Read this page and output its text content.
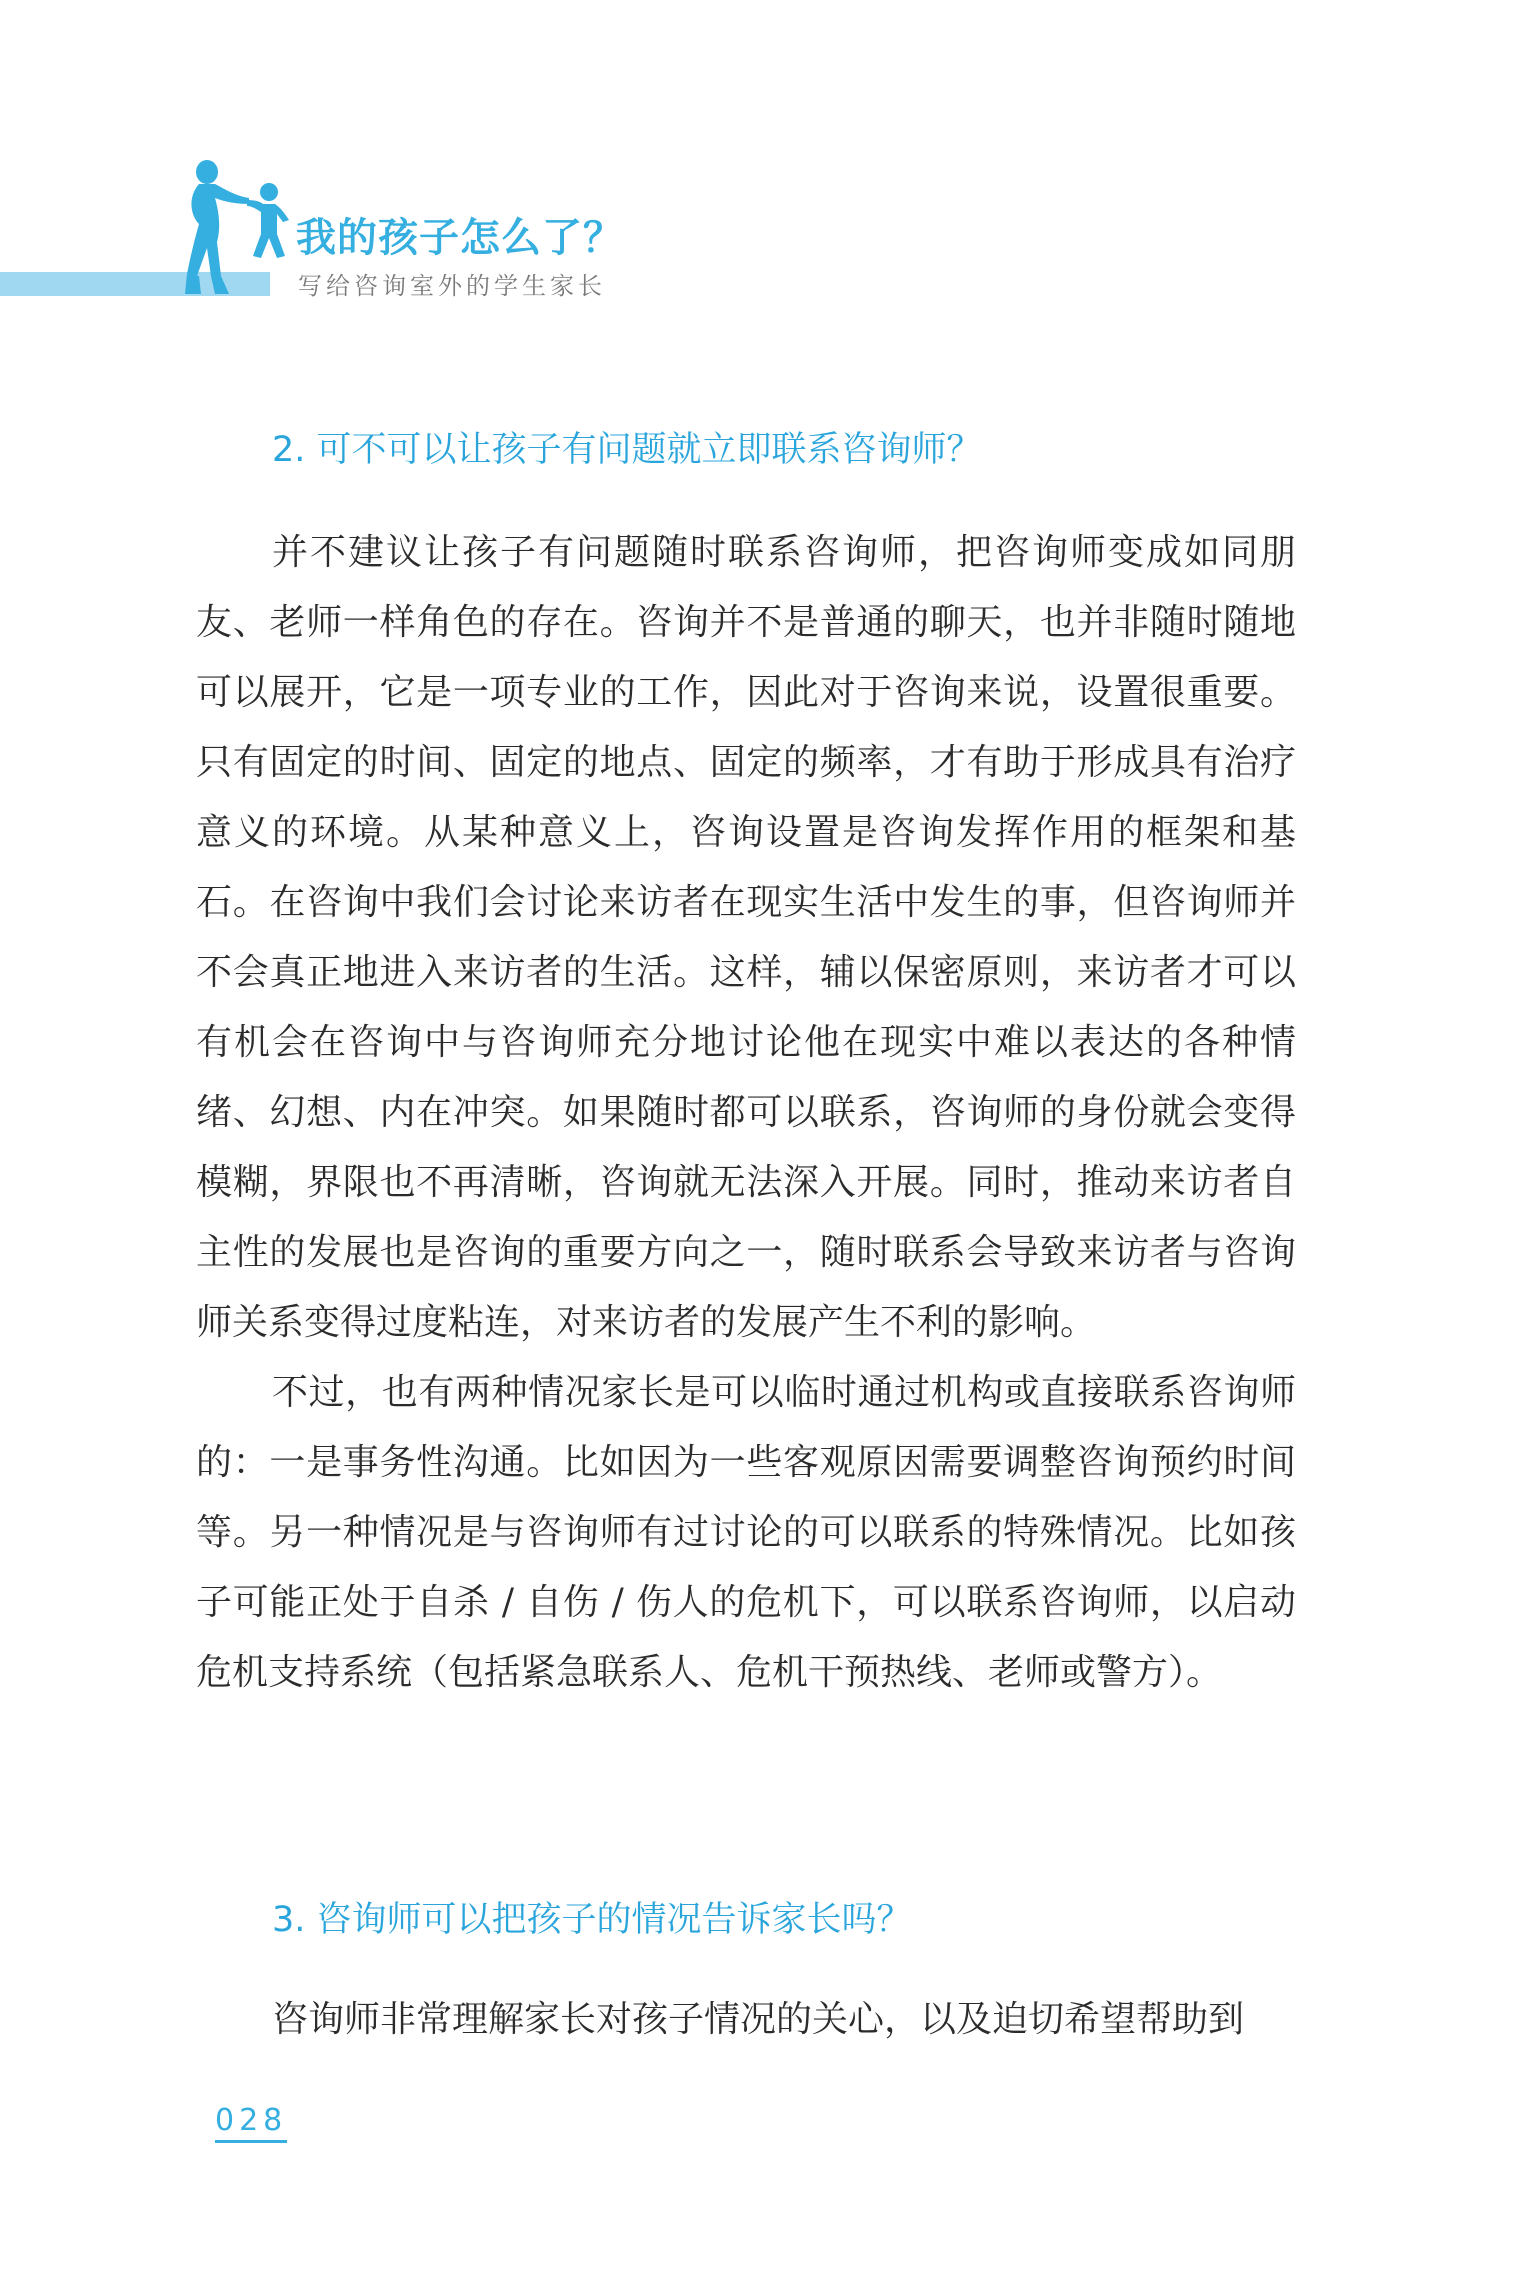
我的孩子怎么了？
写给咨询室外的学生家长
2. 可不可以让孩子有问题就立即联系咨询师？

并不建议让孩子有问题随时联系咨询师，把咨询师变成如同朋友、老师一样角色的存在。咨询并不是普通的聊天，也并非随时随地可以展开，它是一项专业的工作，因此对于咨询来说，设置很重要。只有固定的时间、固定的地点、固定的频率，才有助于形成具有治疗意义的环境。从某种意义上，咨询设置是咨询发挥作用的框架和基石。在咨询中我们会讨论来访者在现实生活中发生的事，但咨询师并不会真正地进入来访者的生活。这样，辅以保密原则，来访者才可以有机会在咨询中与咨询师充分地讨论他在现实中难以表达的各种情绪、幻想、内在冲突。如果随时都可以联系，咨询师的身份就会变得模糊，界限也不再清晰，咨询就无法深入开展。同时，推动来访者自主性的发展也是咨询的重要方向之一，随时联系会导致来访者与咨询师关系变得过度粘连，对来访者的发展产生不利的影响。

不过，也有两种情况家长是可以临时通过机构或直接联系咨询师的：一是事务性沟通。比如因为一些客观原因需要调整咨询预约时间等。另一种情况是与咨询师有过讨论的可以联系的特殊情况。比如孩子可能正处于自杀 / 自伤 / 伤人的危机下，可以联系咨询师，以启动危机支持系统（包括紧急联系人、危机干预热线、老师或警方）。

3. 咨询师可以把孩子的情况告诉家长吗？

咨询师非常理解家长对孩子情况的关心，以及迫切希望帮助到

028
